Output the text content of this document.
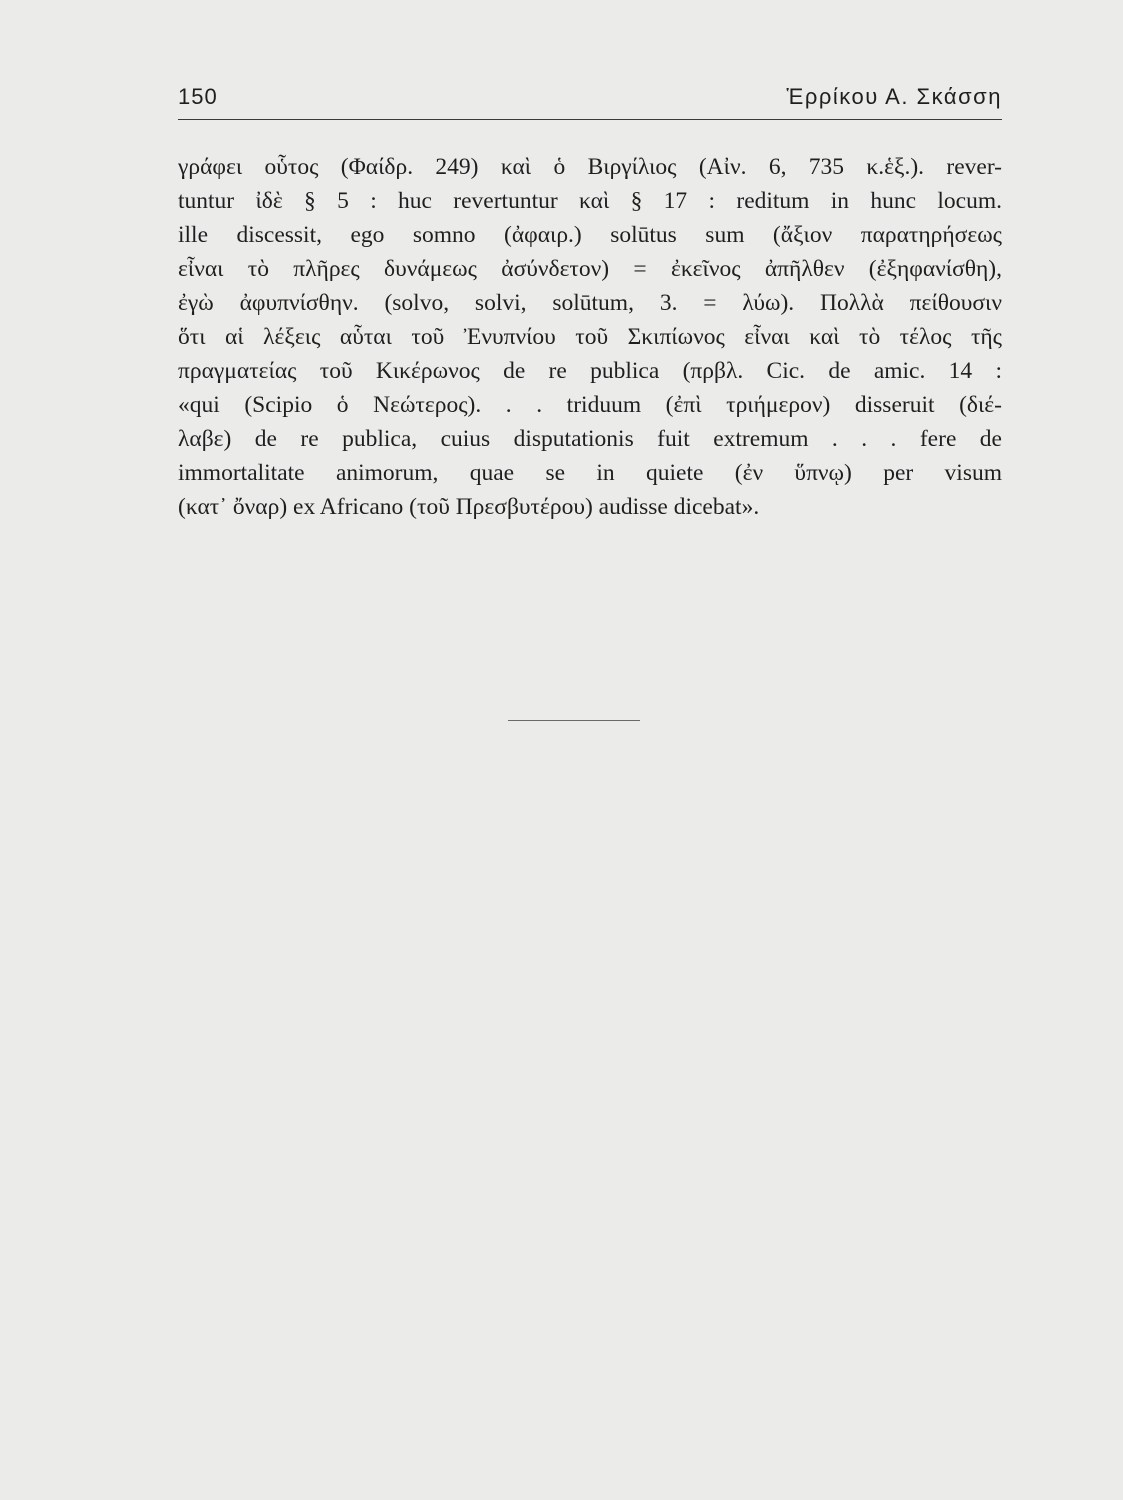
150	Ἑρρίκου Α. Σκάσση
γράφει οὗτος (Φαίδρ. 249) καὶ ὁ Βιργίλιος (Αἰν. 6, 735 κ.ἑξ.). rever-
tuntur ἰδὲ § 5 : huc revertuntur καὶ § 17 : reditum in hunc locum.
ille discessit, ego somno (ἀφαιρ.) solūtus sum (ἄξιον παρατηρήσεως
εἶναι τὸ πλῆρες δυνάμεως ἀσύνδετον) = ἐκεῖνος ἀπῆλθεν (ἐξηφανίσθη),
ἐγὼ ἀφυπνίσθην. (solvo, solvi, solūtum, 3. = λύω). Πολλὰ πείθουσιν
ὅτι αἱ λέξεις αὗται τοῦ Ἐνυπνίου τοῦ Σκιπίωνος εἶναι καὶ τὸ τέλος τῆς
πραγματείας τοῦ Κικέρωνος de re publica (πρβλ. Cic. de amic. 14 :
«qui (Scipio ὁ Νεώτερος). . . triduum (ἐπὶ τριήμερον) disseruit (διέ-
λαβε) de re publica, cuius disputationis fuit extremum . . . fere de
immortalitate animorum, quae se in quiete (ἐν ὕπνῳ) per visum
(κατ᾽ ὄναρ) ex Africano (τοῦ Πρεσβυτέρου) audisse dicebat».
